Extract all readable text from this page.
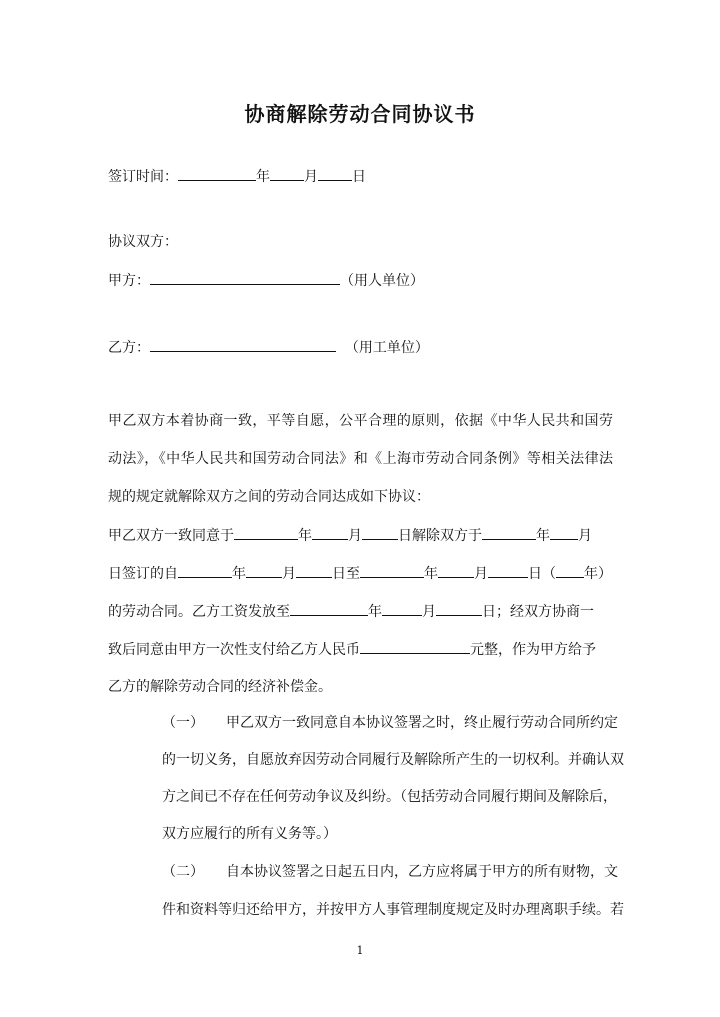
协商解除劳动合同协议书
签订时间：	年 月 日
协议双方：
甲方：	（用人单位）
乙方：	（用工单位）
甲乙双方本着协商一致，平等自愿，公平合理的原则，依据《中华人民共和国劳
动法》，《中华人民共和国劳动合同法》和《上海市劳动合同条例》等相关法律法
规的规定就解除双方之间的劳动合同达成如下协议：
甲乙双方一致同意于	年	月	日解除双方于	年 月
日签订的自	年	月	日至	年	月	日（ 年）
的劳动合同。乙方工资发放至	年	月	日；经双方协商一
致后同意由甲方一次性支付给乙方人民币	元整，作为甲方给予
乙方的解除劳动合同的经济补偿金。
（一） 甲乙双方一致同意自本协议签署之时，终止履行劳动合同所约定
的一切义务，自愿放弃因劳动合同履行及解除所产生的一切权利。并确认双
方之间已不存在任何劳动争议及纠纷。（包括劳动合同履行期间及解除后，
双方应履行的所有义务等。）
（二） 自本协议签署之日起五日内，乙方应将属于甲方的所有财物，文
件和资料等归还给甲方，并按甲方人事管理制度规定及时办理离职手续。若
1
